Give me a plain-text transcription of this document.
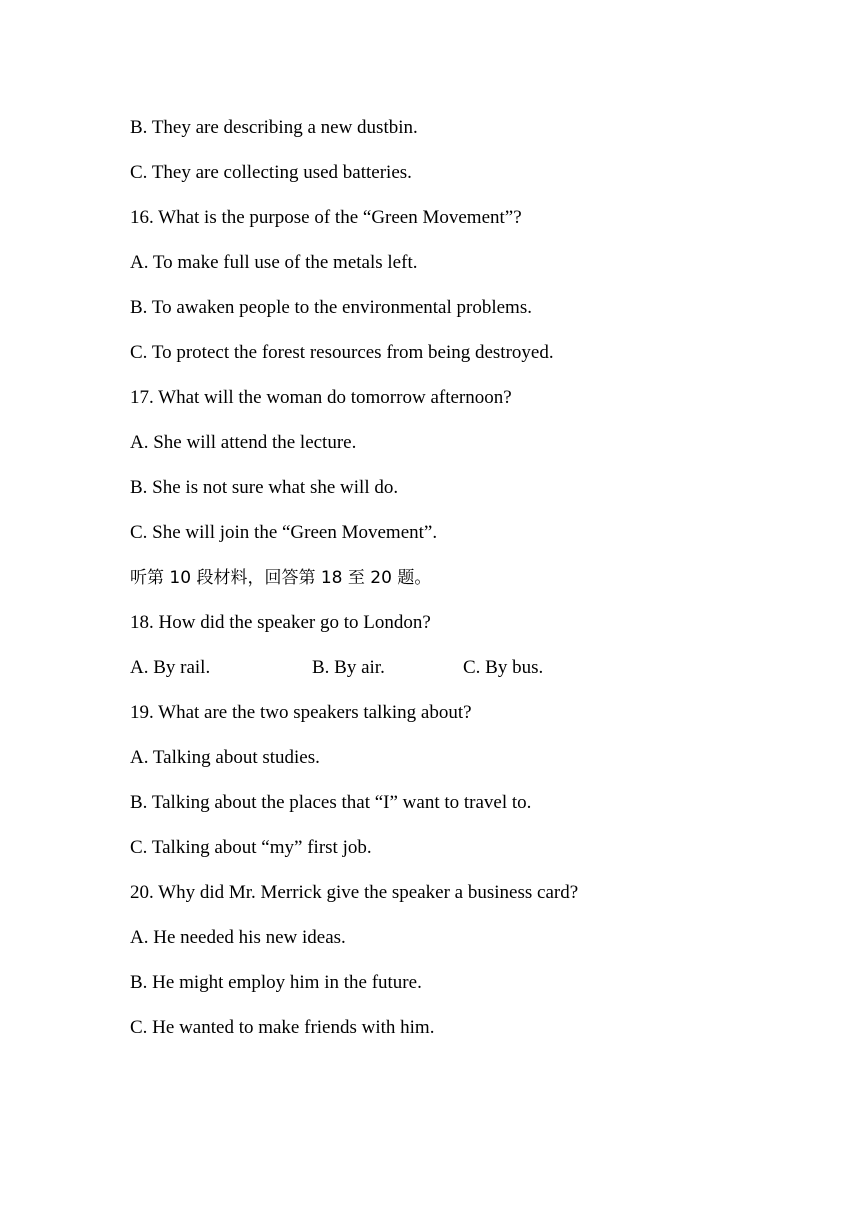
B. They are describing a new dustbin.
C. They are collecting used batteries.
16. What is the purpose of the “Green Movement”?
A. To make full use of the metals left.
B. To awaken people to the environmental problems.
C. To protect the forest resources from being destroyed.
17. What will the woman do tomorrow afternoon?
A. She will attend the lecture.
B. She is not sure what she will do.
C. She will join the “Green Movement”.
听第 10 段材料，回答第 18 至 20 题。
18. How did the speaker go to London?
A. By rail.	B. By air.	C. By bus.
19. What are the two speakers talking about?
A. Talking about studies.
B. Talking about the places that “I” want to travel to.
C. Talking about “my” first job.
20. Why did Mr. Merrick give the speaker a business card?
A. He needed his new ideas.
B. He might employ him in the future.
C. He wanted to make friends with him.
